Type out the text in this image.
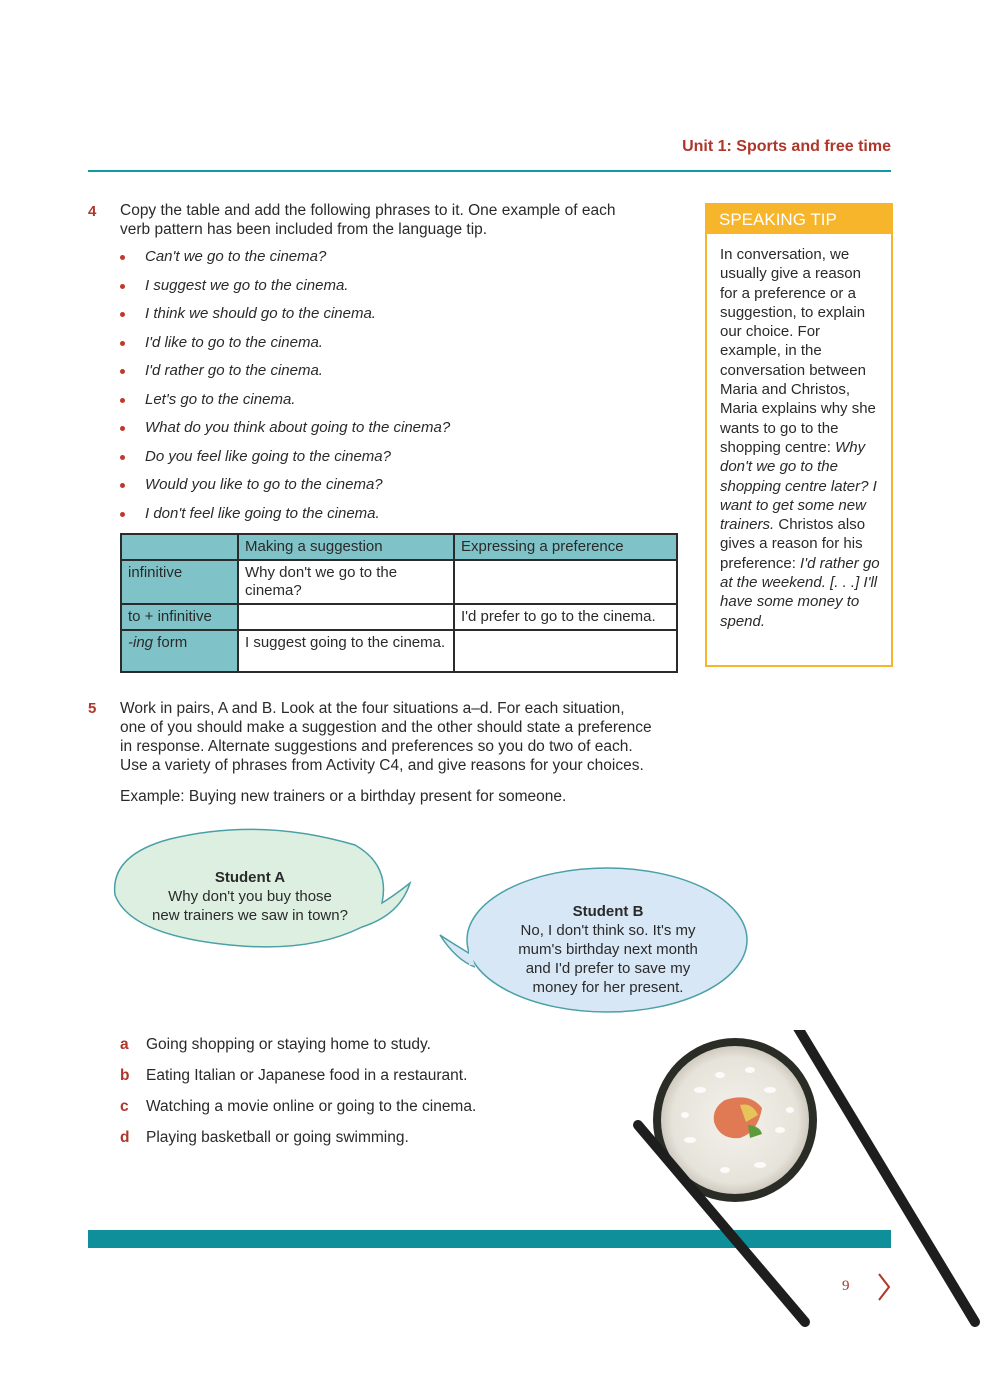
Unit 1: Sports and free time
4 Copy the table and add the following phrases to it. One example of each
verb pattern has been included from the language tip.
Can't we go to the cinema?
I suggest we go to the cinema.
I think we should go to the cinema.
I'd like to go to the cinema.
I'd rather go to the cinema.
Let's go to the cinema.
What do you think about going to the cinema?
Do you feel like going to the cinema?
Would you like to go to the cinema?
I don't feel like going to the cinema.
	Making a suggestion	Expressing a preference
infinitive	Why don't we go to the cinema?	
to + infinitive		I'd prefer to go to the cinema.
-ing form	I suggest going to the cinema.	
SPEAKING TIP
In conversation, we usually give a reason for a preference or a suggestion, to explain our choice. For example, in the conversation between Maria and Christos, Maria explains why she wants to go to the shopping centre: Why don't we go to the shopping centre later? I want to get some new trainers. Christos also gives a reason for his preference: I'd rather go at the weekend. [. . .] I'll have some money to spend.
5 Work in pairs, A and B. Look at the four situations a–d. For each situation,
one of you should make a suggestion and the other should state a preference
in response. Alternate suggestions and preferences so you do two of each.
Use a variety of phrases from Activity C4, and give reasons for your choices.
Example: Buying new trainers or a birthday present for someone.
Student A
Why don't you buy those
new trainers we saw in town?	Student B
No, I don't think so. It's my
mum's birthday next month
and I'd prefer to save my
money for her present.
a Going shopping or staying home to study.
b Eating Italian or Japanese food in a restaurant.
c Watching a movie online or going to the cinema.
d Playing basketball or going swimming.
9
